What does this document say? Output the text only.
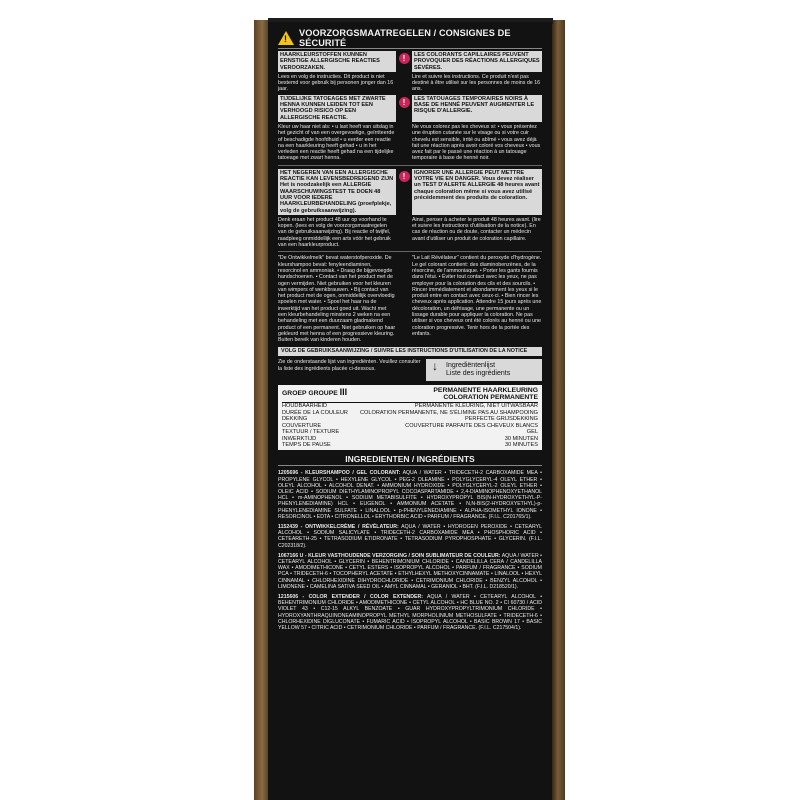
!
VOORZORGSMAATREGELEN / CONSIGNES DE SÉCURITÉ
HAARKLEURSTOFFEN KUNNEN ERNSTIGE ALLERGISCHE REACTIES VEROORZAKEN.
!	LES COLORANTS CAPILLAIRES PEUVENT PROVOQUER DES RÉACTIONS ALLERGIQUES SÉVÈRES.
Lees en volg de instructies. Dit product is niet bestemd voor gebruik bij personen jonger dan 16 jaar.
Lire et suivre les instructions. Ce produit n'est pas destiné à être utilisé sur les personnes de moins de 16 ans.
TIJDELIJKE TATOEAGES MET ZWARTE HENNA KUNNEN LEIDEN TOT EEN VERHOOGD RISICO OP EEN ALLERGISCHE REACTIE.
!	LES TATOUAGES TEMPORAIRES NOIRS À BASE DE HENNÉ PEUVENT AUGMENTER LE RISQUE D'ALLERGIE.
Kleur uw haar niet als: • u last heeft van uitslag in het gezicht of van een overgevoelige, geïrriteerde of beschadigde hoofdhuid • u eerder een reactie na een haarkleuring heeft gehad • u in het verleden een reactie heeft gehad na een tijdelijke tatoeage met zwart henna.
Ne vous colorez pas les cheveux si: • vous présentez une éruption cutanée sur le visage ou si votre cuir chevelu est sensible, irrité ou abîmé • vous avez déjà fait une réaction après avoir coloré vos cheveux • vous avez fait par le passé une réaction à un tatouage temporaire à base de henné noir.
HET NEGEREN VAN EEN ALLERGISCHE REACTIE KAN LEVENSBEDREIGEND ZIJN Het is noodzakelijk een ALLERGIE WAARSCHUWINGSTEST TE DOEN 48 UUR VOOR IEDERE HAARKLEURBEHANDELING (proefplekje, volg de gebruiksaanwijzing).
!	IGNORER UNE ALLERGIE PEUT METTRE VOTRE VIE EN DANGER. Vous devez réaliser un TEST D'ALERTE ALLERGIE 48 heures avant chaque coloration même si vous avez utilisé précédemment des produits de coloration.
Denk eraan het product 48 uur op voorhand te kopen. (lees en volg de voorzorgsmaatregelen van de gebruiksaanwijzing). Bij reactie of twijfel, raadpleeg onmiddellijk een arts vóór het gebruik van een haarkleurproduct.
Ainsi, penser à acheter le produit 48 heures avant. (lire et suivre les instructions d'utilisation de la notice). En cas de réaction ou de doute, contacter un médecin avant d'utiliser un produit de coloration capillaire.
"De Ontwikkelmelk" bevat waterstofperoxide. De kleurshampoo bevat: fenyleendiaminen, resorcinol en ammoniak. • Draag de bijgevoegde handschoenen. • Contact van het product met de ogen vermijden. Niet gebruiken voor het kleuren van wimpers of wenkbrauwen. • Bij contact van het product met de ogen, onmiddellijk overvloedig spoelen met water. • Spoel het haar na de inwerktijd van het product goed uit. Wacht met een kleurbehandeling minstens 2 weken na een behandeling met een duurzaam gladmakend product of een permanent. Niet gebruiken op haar gekleurd met henna of een progressieve kleuring. Buiten bereik van kinderen houden.
"Le Lait Révélateur" contient du peroxyde d'hydrogène. Le gel colorant contient: des diaminobenzènes, de la résorcine, de l'ammoniaque. • Porter les gants fournis dans l'étui. • Éviter tout contact avec les yeux, ne pas employer pour la coloration des cils et des sourcils. • Rincer immédiatement et abondamment les yeux si le produit entre en contact avec ceux-ci. • Bien rincer les cheveux après application. Attendre 15 jours après une décoloration, un défrisage, une permanente ou un lissage durable pour appliquer la coloration. Ne pas utiliser si vos cheveux ont été colorés au henné ou une coloration progressive. Tenir hors de la portée des enfants.
VOLG DE GEBRUIKSAANWIJZING / SUIVRE LES INSTRUCTIONS D'UTILISATION DE LA NOTICE
Zie de onderstaande lijst van ingrediënten. Veuillez consulter la liste des ingrédients placée ci-dessous.	↓ Ingrediëntenlijst
Liste des ingrédients
GROEP GROUPE III	PERMANENTE HAARKLEURING
COLORATION PERMANENTE
HOUDBAARHEID	PERMANENTE KLEURING, NIET UITWASBAAR
DURÉE DE LA COULEUR COLORATION PERMANENTE, NE S'ÉLIMINE PAS AU SHAMPOOING
DEKKING	PERFECTE GRIJSDEKKING
COUVERTURE	COUVERTURE PARFAITE DES CHEVEUX BLANCS
TEXTUUR / TEXTURE	GEL
INWERKTIJD	30 MINUTEN
TEMPS DE PAUSE	30 MINUTES
INGREDIENTEN / INGRÉDIENTS
1205696 - KLEURSHAMPOO / GEL COLORANT: AQUA / WATER • TRIDECETH-2 CARBOXAMIDE MEA • PROPYLENE GLYCOL • HEXYLENE GLYCOL • PEG-2 OLEAMINE • POLYGLYCERYL-4 OLEYL ETHER • OLEYL ALCOHOL • ALCOHOL DENAT. • AMMONIUM HYDROXIDE • POLYGLYCERYL-2 OLEYL ETHER • OLEIC ACID • SODIUM DIETHYLAMINOPROPYL COCOASPARTAMIDE • 2,4-DIAMINOPHENOXYETHANOL HCL • m-AMINOPHENOL • SODIUM METABISULFITE • HYDROXYPROPYL BIS(N-HYDROXYETHYL-P-PHENYLENEDIAMINE) HCL • EUGENOL • AMMONIUM ACETATE • N,N-BIS(2-HYDROXYETHYL)-p-PHENYLENEDIAMINE SULFATE • LINALOOL • p-PHENYLENEDIAMINE • ALPHA-ISOMETHYL IONONE • RESORCINOL • EDTA • CITRONELLOL • ERYTHORBIC ACID • PARFUM / FRAGRANCE. (F.I.L. C201765/1).
1152439 - ONTWIKKELCRÈME / RÉVÉLATEUR: AQUA / WATER • HYDROGEN PEROXIDE • CETEARYL ALCOHOL • SODIUM SALICYLATE • TRIDECETH-2 CARBOXAMIDE MEA • PHOSPHORIC ACID • CETEARETH-25 • TETRASODIUM ETIDRONATE • TETRASODIUM PYROPHOSPHATE • GLYCERIN. (F.I.L. C202318/2).
1067166 U - KLEUR VASTHOUDENDE VERZORGING / SOIN SUBLIMATEUR DE COULEUR: AQUA / WATER • CETEARYL ALCOHOL • GLYCERIN • BEHENTRIMONIUM CHLORIDE • CANDELILLA CERA / CANDELILLA WAX • AMODIMETHICONE • CETYL ESTERS • ISOPROPYL ALCOHOL • PARFUM / FRAGRANCE • SODIUM PCA • TRIDECETH-6 • TOCOPHERYL ACETATE • ETHYLHEXYL METHOXYCINNAMATE • LINALOOL • HEXYL CINNAMAL • CHLORHEXIDINE DIHYDROCHLORIDE • CETRIMONIUM CHLORIDE • BENZYL ALCOHOL • LIMONENE • CAMELINA SATIVA SEED OIL • AMYL CINNAMAL • GERANIOL • BHT. (F.I.L. D218520/1).
1215606 - COLOR EXTENDER / COLOR EXTENDER: AQUA / WATER • CETEARYL ALCOHOL • BEHENTRIMONIUM CHLORIDE • AMODIMETHICONE • CETYL ALCOHOL • HC BLUE NO. 2 • CI 60730 / ACID VIOLET 43 • C12-15 ALKYL BENZOATE • GUAR HYDROXYPROPYLTRIMONIUM CHLORIDE • HYDROXYANTHRAQUINONEAMINOPROPYL METHYL MORPHOLINIUM METHOSULFATE • TRIDECETH-6 • CHLORHEXIDINE DIGLUCONATE • FUMARIC ACID • ISOPROPYL ALCOHOL • BASIC BROWN 17 • BASIC YELLOW 57 • CITRIC ACID • CETRIMONIUM CHLORIDE • PARFUM / FRAGRANCE. (F.I.L. C217504/1).
